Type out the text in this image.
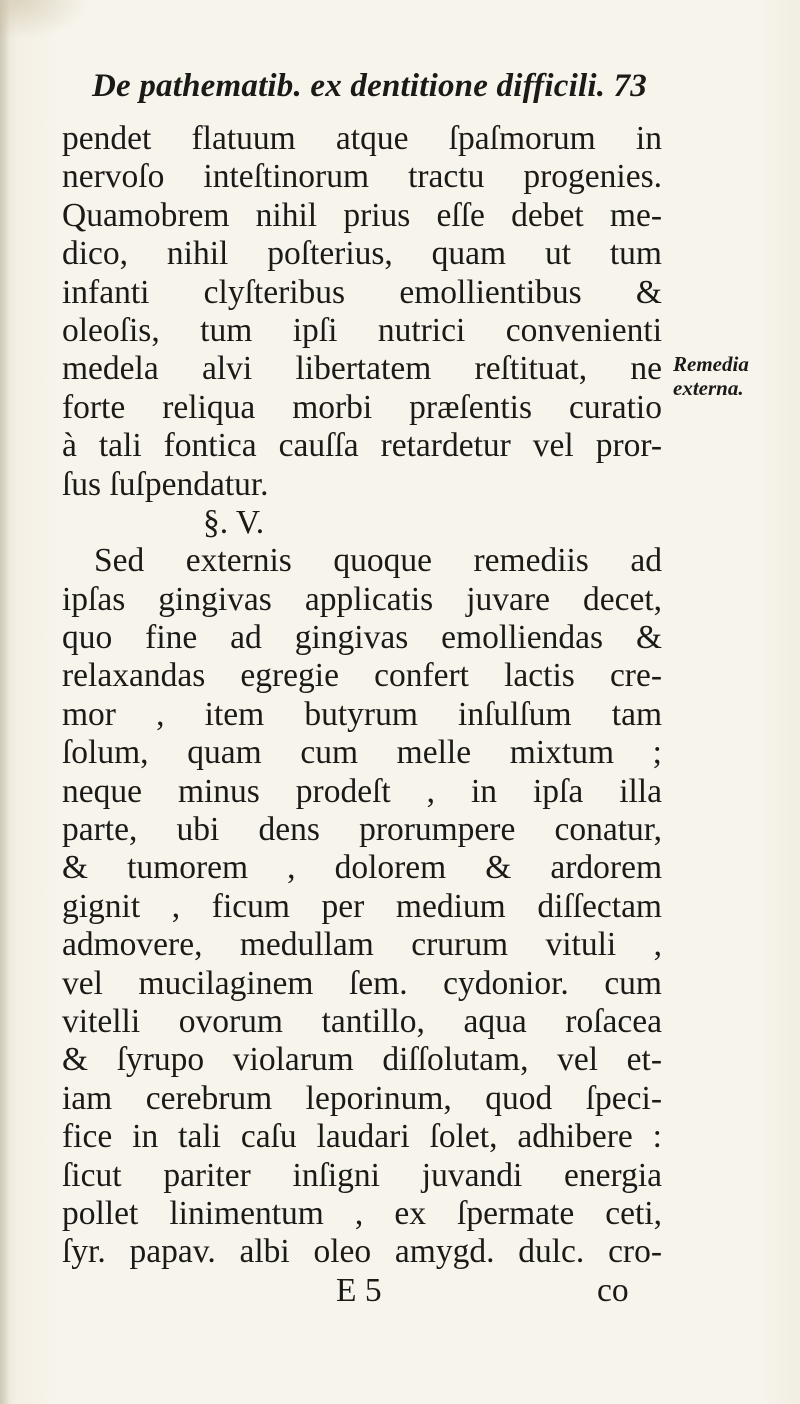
De pathematib. ex dentitione difficili. 73
pendet flatuum atque ſpaſmorum in
nervoſo inteſtinorum tractu progenies.
Quamobrem nihil prius eſſe debet me-
dico, nihil poſterius, quam ut tum
infanti clyſteribus emollientibus &
oleoſis, tum ipſi nutrici convenienti
medela alvi libertatem reſtituat, ne
forte reliqua morbi præſentis curatio
à tali fontica cauſſa retardetur vel pror-
ſus ſuſpendatur.
§. V.
Sed externis quoque remediis ad
ipſas gingivas applicatis juvare decet,
quo fine ad gingivas emolliendas &
relaxandas egregie confert lactis cre-
mor , item butyrum inſulſum tam
ſolum, quam cum melle mixtum ;
neque minus prodeſt , in ipſa illa
parte, ubi dens prorumpere conatur,
& tumorem , dolorem & ardorem
gignit , ficum per medium diſſectam
admovere, medullam crurum vituli ,
vel mucilaginem ſem. cydonior. cum
vitelli ovorum tantillo, aqua roſacea
& ſyrupo violarum diſſolutam, vel et-
iam cerebrum leporinum, quod ſpeci-
fice in tali caſu laudari ſolet, adhibere :
ſicut pariter inſigni juvandi energia
pollet linimentum , ex ſpermate ceti,
ſyr. papav. albi oleo amygd. dulc. cro-
E 5	co
Remedia
externa.
